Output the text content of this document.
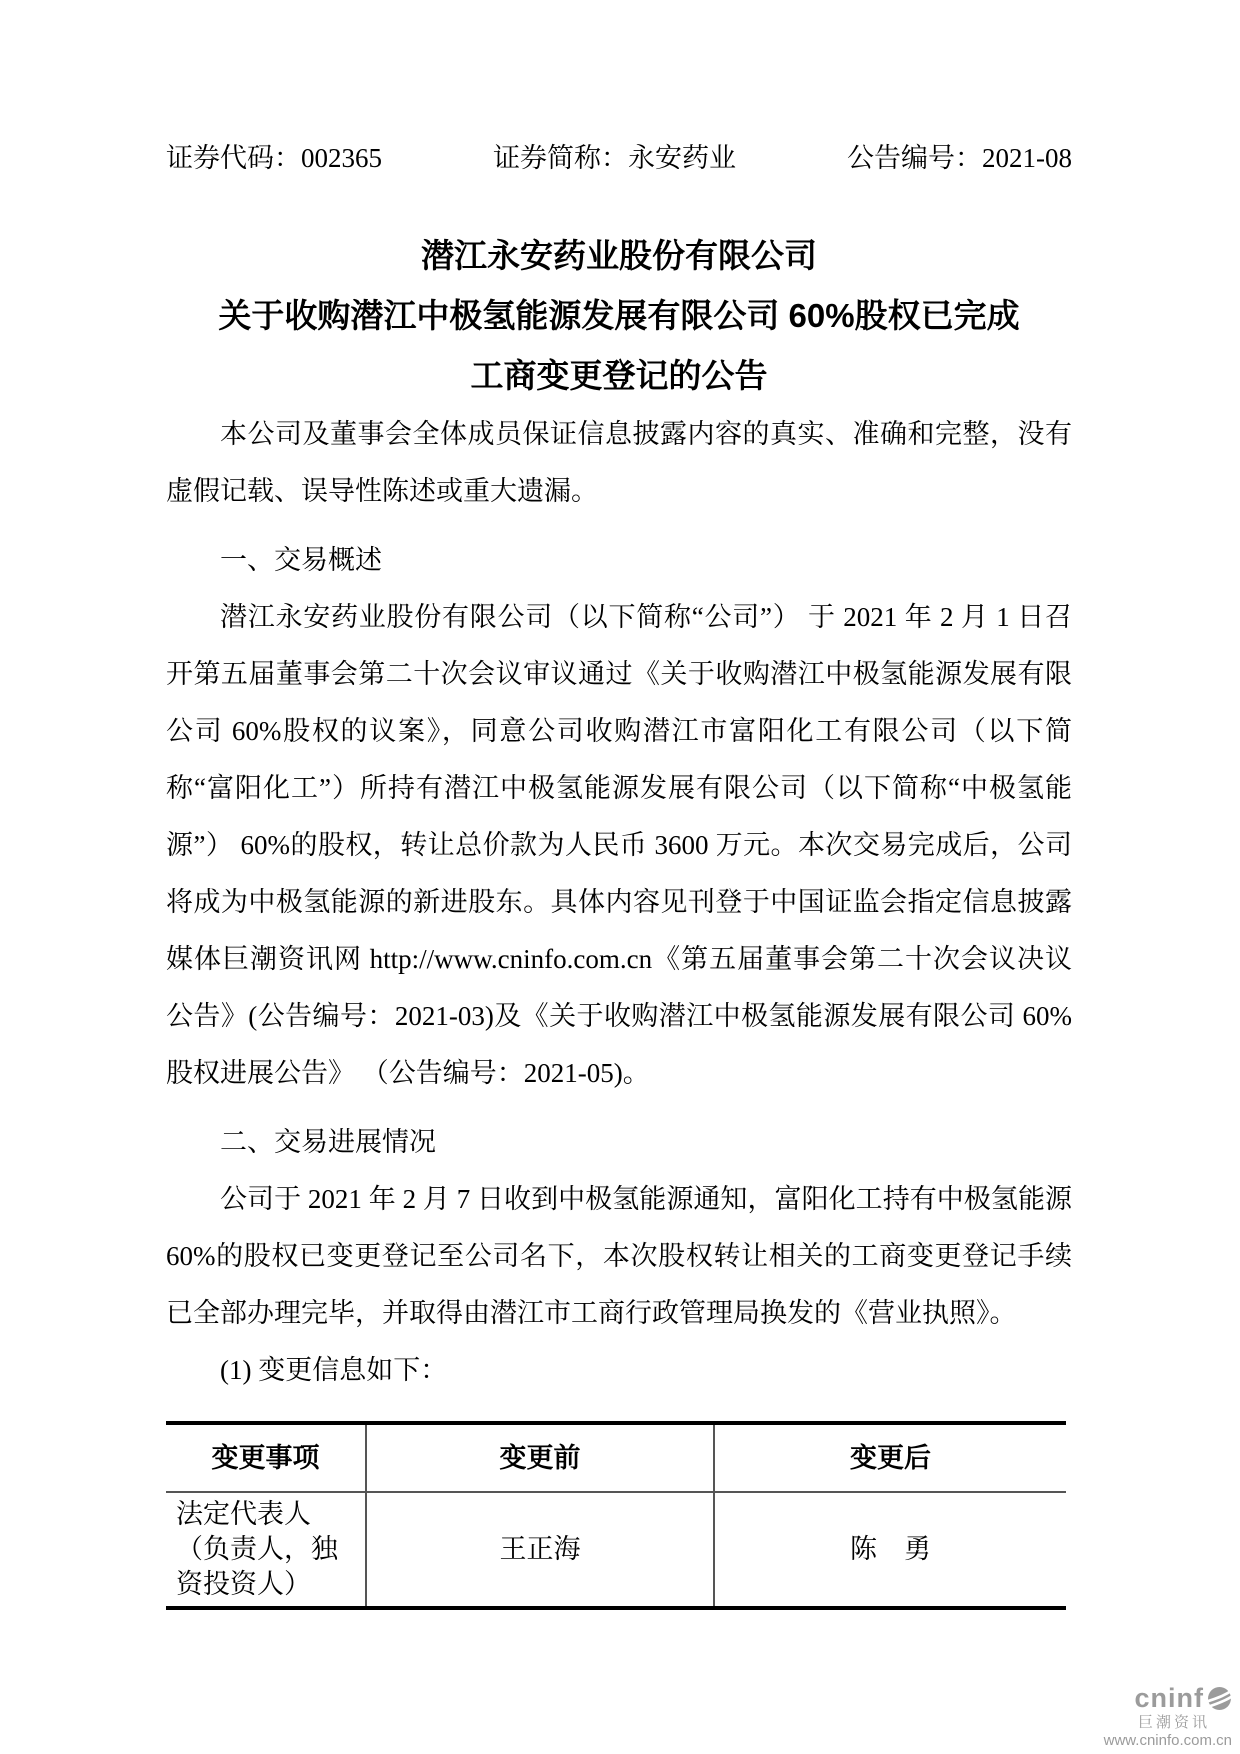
证券代码：002365	证券简称：永安药业	公告编号：2021-08
潜江永安药业股份有限公司
关于收购潜江中极氢能源发展有限公司 60%股权已完成
工商变更登记的公告

本公司及董事会全体成员保证信息披露内容的真实、准确和完整，没有虚假记载、误导性陈述或重大遗漏。

一、交易概述

潜江永安药业股份有限公司（以下简称“公司”） 于 2021 年 2 月 1 日召开第五届董事会第二十次会议审议通过《关于收购潜江中极氢能源发展有限公司 60%股权的议案》，同意公司收购潜江市富阳化工有限公司（以下简称“富阳化工”）所持有潜江中极氢能源发展有限公司（以下简称“中极氢能源”） 60%的股权，转让总价款为人民币 3600 万元。本次交易完成后，公司将成为中极氢能源的新进股东。具体内容见刊登于中国证监会指定信息披露媒体巨潮资讯网 http://www.cninfo.com.cn《第五届董事会第二十次会议决议公告》(公告编号：2021-03)及《关于收购潜江中极氢能源发展有限公司 60%股权进展公告》 （公告编号：2021-05)。

二、交易进展情况

公司于 2021 年 2 月 7 日收到中极氢能源通知，富阳化工持有中极氢能源 60%的股权已变更登记至公司名下，本次股权转让相关的工商变更登记手续已全部办理完毕，并取得由潜江市工商行政管理局换发的《营业执照》。

(1) 变更信息如下：

变更事项	变更前	变更后
法定代表人（负责人，独资投资人）	王正海	陈　勇
cninf
巨潮资讯
www.cninfo.com.cn
